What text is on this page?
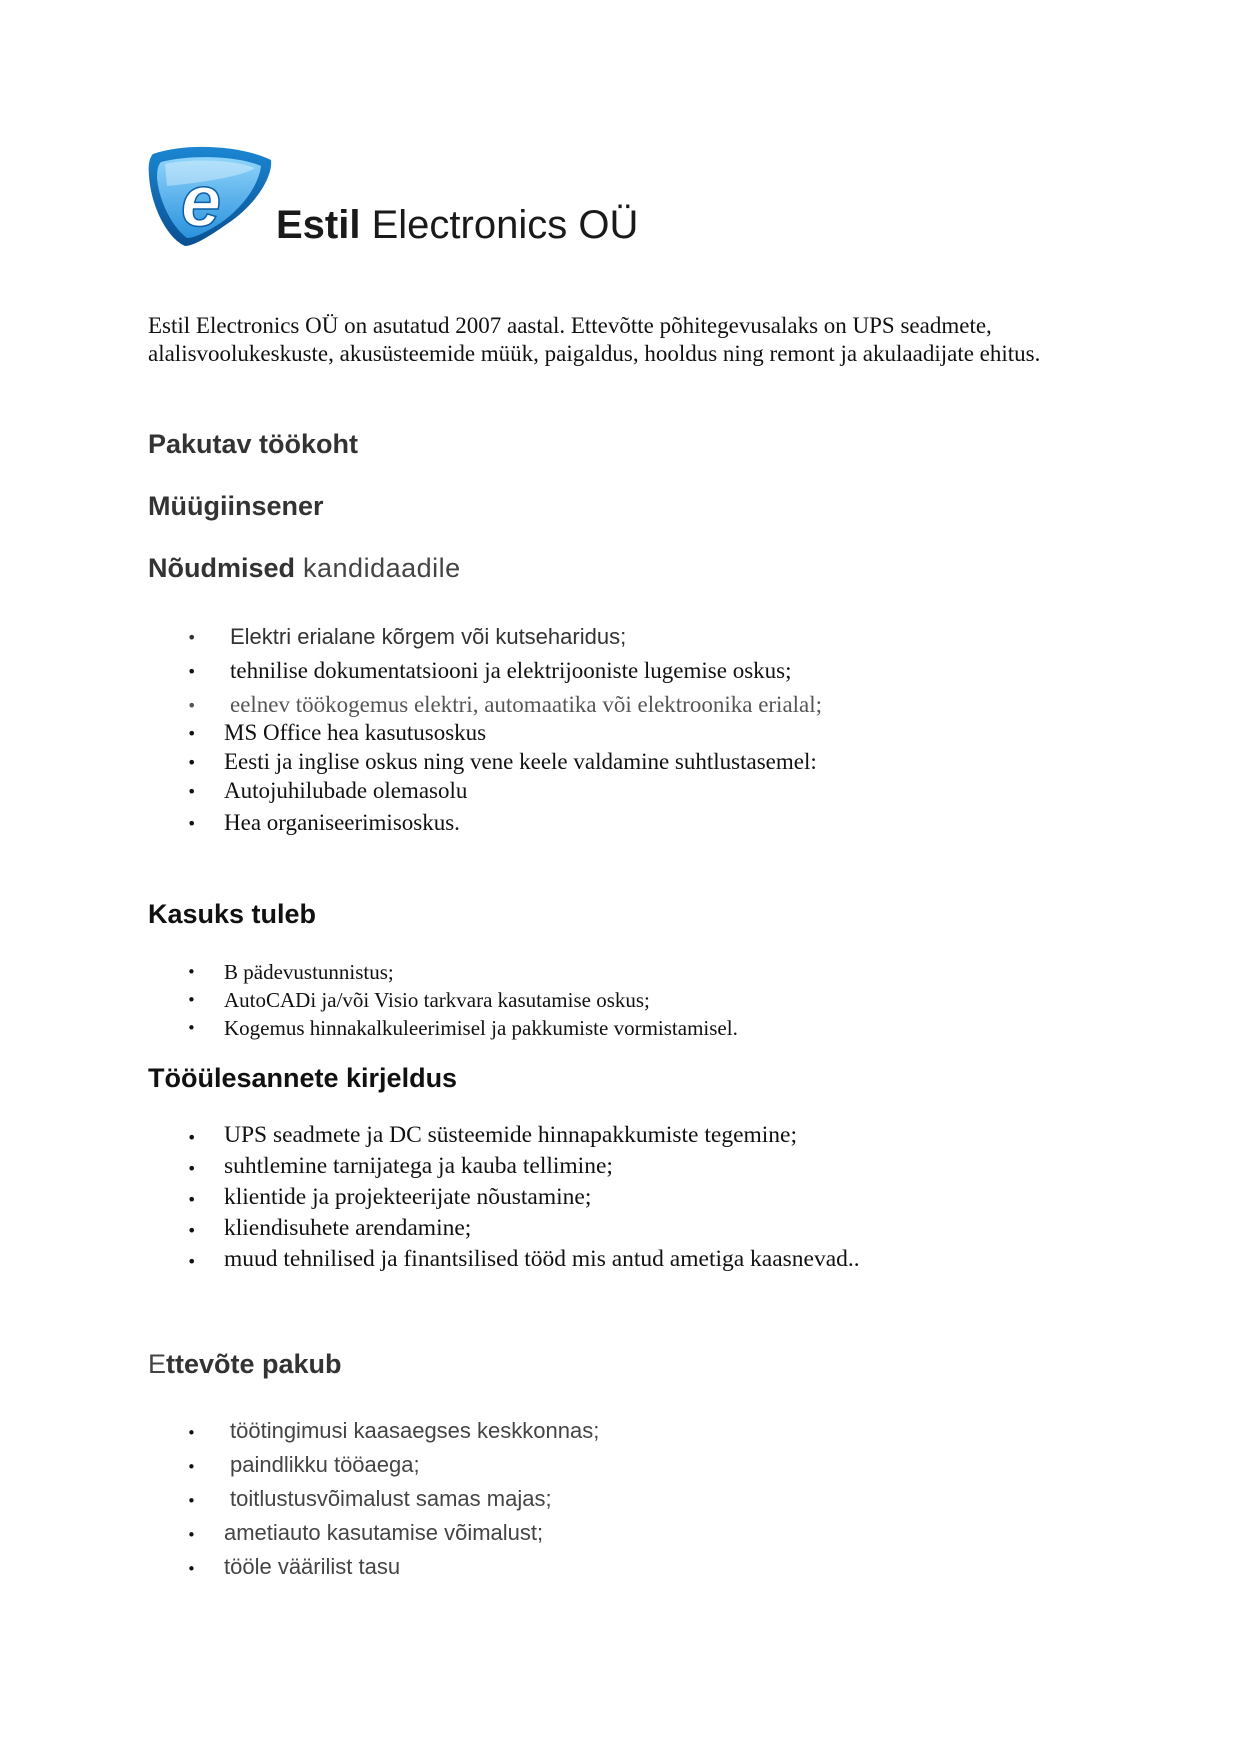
e Estil Electronics OÜ

Estil Electronics OÜ on asutatud 2007 aastal. Ettevõtte põhitegevusalaks on UPS seadmete, alalisvoolukeskuste, akusüsteemide müük, paigaldus, hooldus ning remont ja akulaadijate ehitus.

Pakutav töökoht
Müügiinsener
Nõudmised kandidaadile
• Elektri erialane kõrgem või kutseharidus;
• tehnilise dokumentatsiooni ja elektrijooniste lugemise oskus;
• eelnev töökogemus elektri, automaatika või elektroonika erialal;
• MS Office hea kasutusoskus
• Eesti ja inglise oskus ning vene keele valdamine suhtlustasemel:
• Autojuhilubade olemasolu
• Hea organiseerimisoskus.
Kasuks tuleb
• B pädevustunnistus;
• AutoCADi ja/või Visio tarkvara kasutamise oskus;
• Kogemus hinnakalkuleerimisel ja pakkumiste vormistamisel.
Tööülesannete kirjeldus
• UPS seadmete ja DC süsteemide hinnapakkumiste tegemine;
• suhtlemine tarnijatega ja kauba tellimine;
• klientide ja projekteerijate nõustamine;
• kliendisuhete arendamine;
• muud tehnilised ja finantsilised tööd mis antud ametiga kaasnevad..
Ettevõte pakub
• töötingimusi kaasaegses keskkonnas;
• paindlikku tööaega;
• toitlustusvõimalust samas majas;
• ametiauto kasutamise võimalust;
• tööle väärilist tasu
